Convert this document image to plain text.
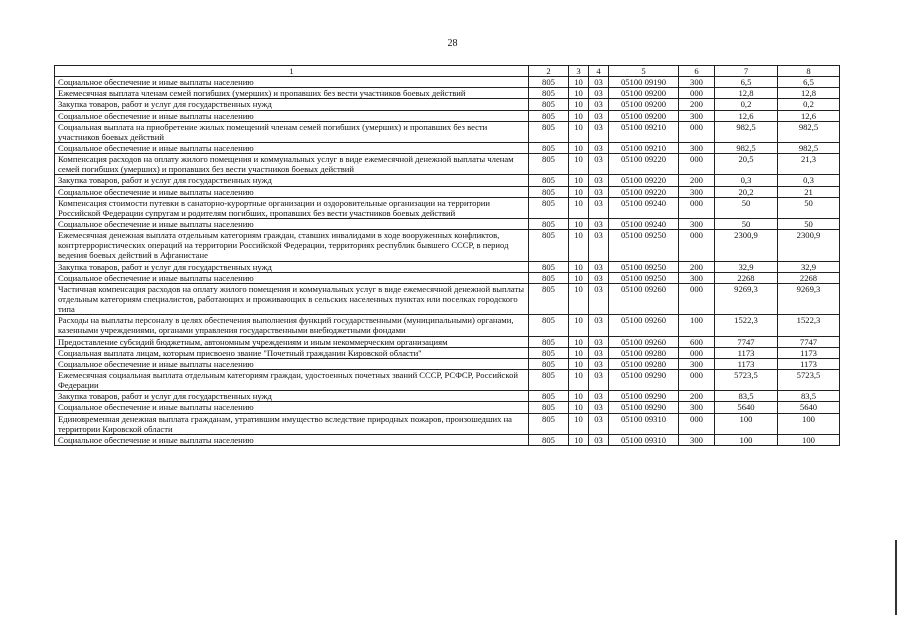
28
1	2	3	4	5	6	7	8
Социальное обеспечение и иные выплаты населению	805	10	03	05100 09190	300	6,5	6,5
Ежемесячная выплата членам семей погибших (умерших) и пропавших без вести участников боевых действий	805	10	03	05100 09200	000	12,8	12,8
Закупка товаров, работ и услуг для государственных нужд	805	10	03	05100 09200	200	0,2	0,2
Социальное обеспечение и иные выплаты населению	805	10	03	05100 09200	300	12,6	12,6
Социальная выплата на приобретение жилых помещений членам семей погибших (умерших) и пропавших без вести участников боевых действий	805	10	03	05100 09210	000	982,5	982,5
Социальное обеспечение и иные выплаты населению	805	10	03	05100 09210	300	982,5	982,5
Компенсация расходов на оплату жилого помещения и коммунальных услуг в виде ежемесячной денежной выплаты членам семей погибших (умерших) и пропавших без вести участников боевых действий	805	10	03	05100 09220	000	20,5	21,3
Закупка товаров, работ и услуг для государственных нужд	805	10	03	05100 09220	200	0,3	0,3
Социальное обеспечение и иные выплаты населению	805	10	03	05100 09220	300	20,2	21
Компенсация стоимости путевки в санаторно-курортные организации и оздоровительные организации на территории Российской Федерации супругам и родителям погибших, пропавших без вести участников боевых действий	805	10	03	05100 09240	000	50	50
Социальное обеспечение и иные выплаты населению	805	10	03	05100 09240	300	50	50
Ежемесячная денежная выплата отдельным категориям граждан, ставших инвалидами в ходе вооруженных конфликтов, контртеррористических операций на территории Российской Федерации, территориях республик бывшего СССР, в период ведения боевых действий в Афганистане	805	10	03	05100 09250	000	2300,9	2300,9
Закупка товаров, работ и услуг для государственных нужд	805	10	03	05100 09250	200	32,9	32,9
Социальное обеспечение и иные выплаты населению	805	10	03	05100 09250	300	2268	2268
Частичная компенсация расходов на оплату жилого помещения и коммунальных услуг в виде ежемесячной денежной выплаты отдельным категориям специалистов, работающих и проживающих в сельских населенных пунктах или поселках городского типа	805	10	03	05100 09260	000	9269,3	9269,3
Расходы на выплаты персоналу в целях обеспечения выполнения функций государственными (муниципальными) органами, казенными учреждениями, органами управления государственными внебюджетными фондами	805	10	03	05100 09260	100	1522,3	1522,3
Предоставление субсидий бюджетным, автономным учреждениям и иным некоммерческим организациям	805	10	03	05100 09260	600	7747	7747
Социальная выплата лицам, которым присвоено звание "Почетный гражданин Кировской области"	805	10	03	05100 09280	000	1173	1173
Социальное обеспечение и иные выплаты населению	805	10	03	05100 09280	300	1173	1173
Ежемесячная социальная выплата отдельным категориям граждан, удостоенных почетных званий СССР, РСФСР, Российской Федерации	805	10	03	05100 09290	000	5723,5	5723,5
Закупка товаров, работ и услуг для государственных нужд	805	10	03	05100 09290	200	83,5	83,5
Социальное обеспечение и иные выплаты населению	805	10	03	05100 09290	300	5640	5640
Единовременная денежная выплата гражданам, утратившим имущество вследствие природных пожаров, произошедших на территории Кировской области	805	10	03	05100 09310	000	100	100
Социальное обеспечение и иные выплаты населению	805	10	03	05100 09310	300	100	100
